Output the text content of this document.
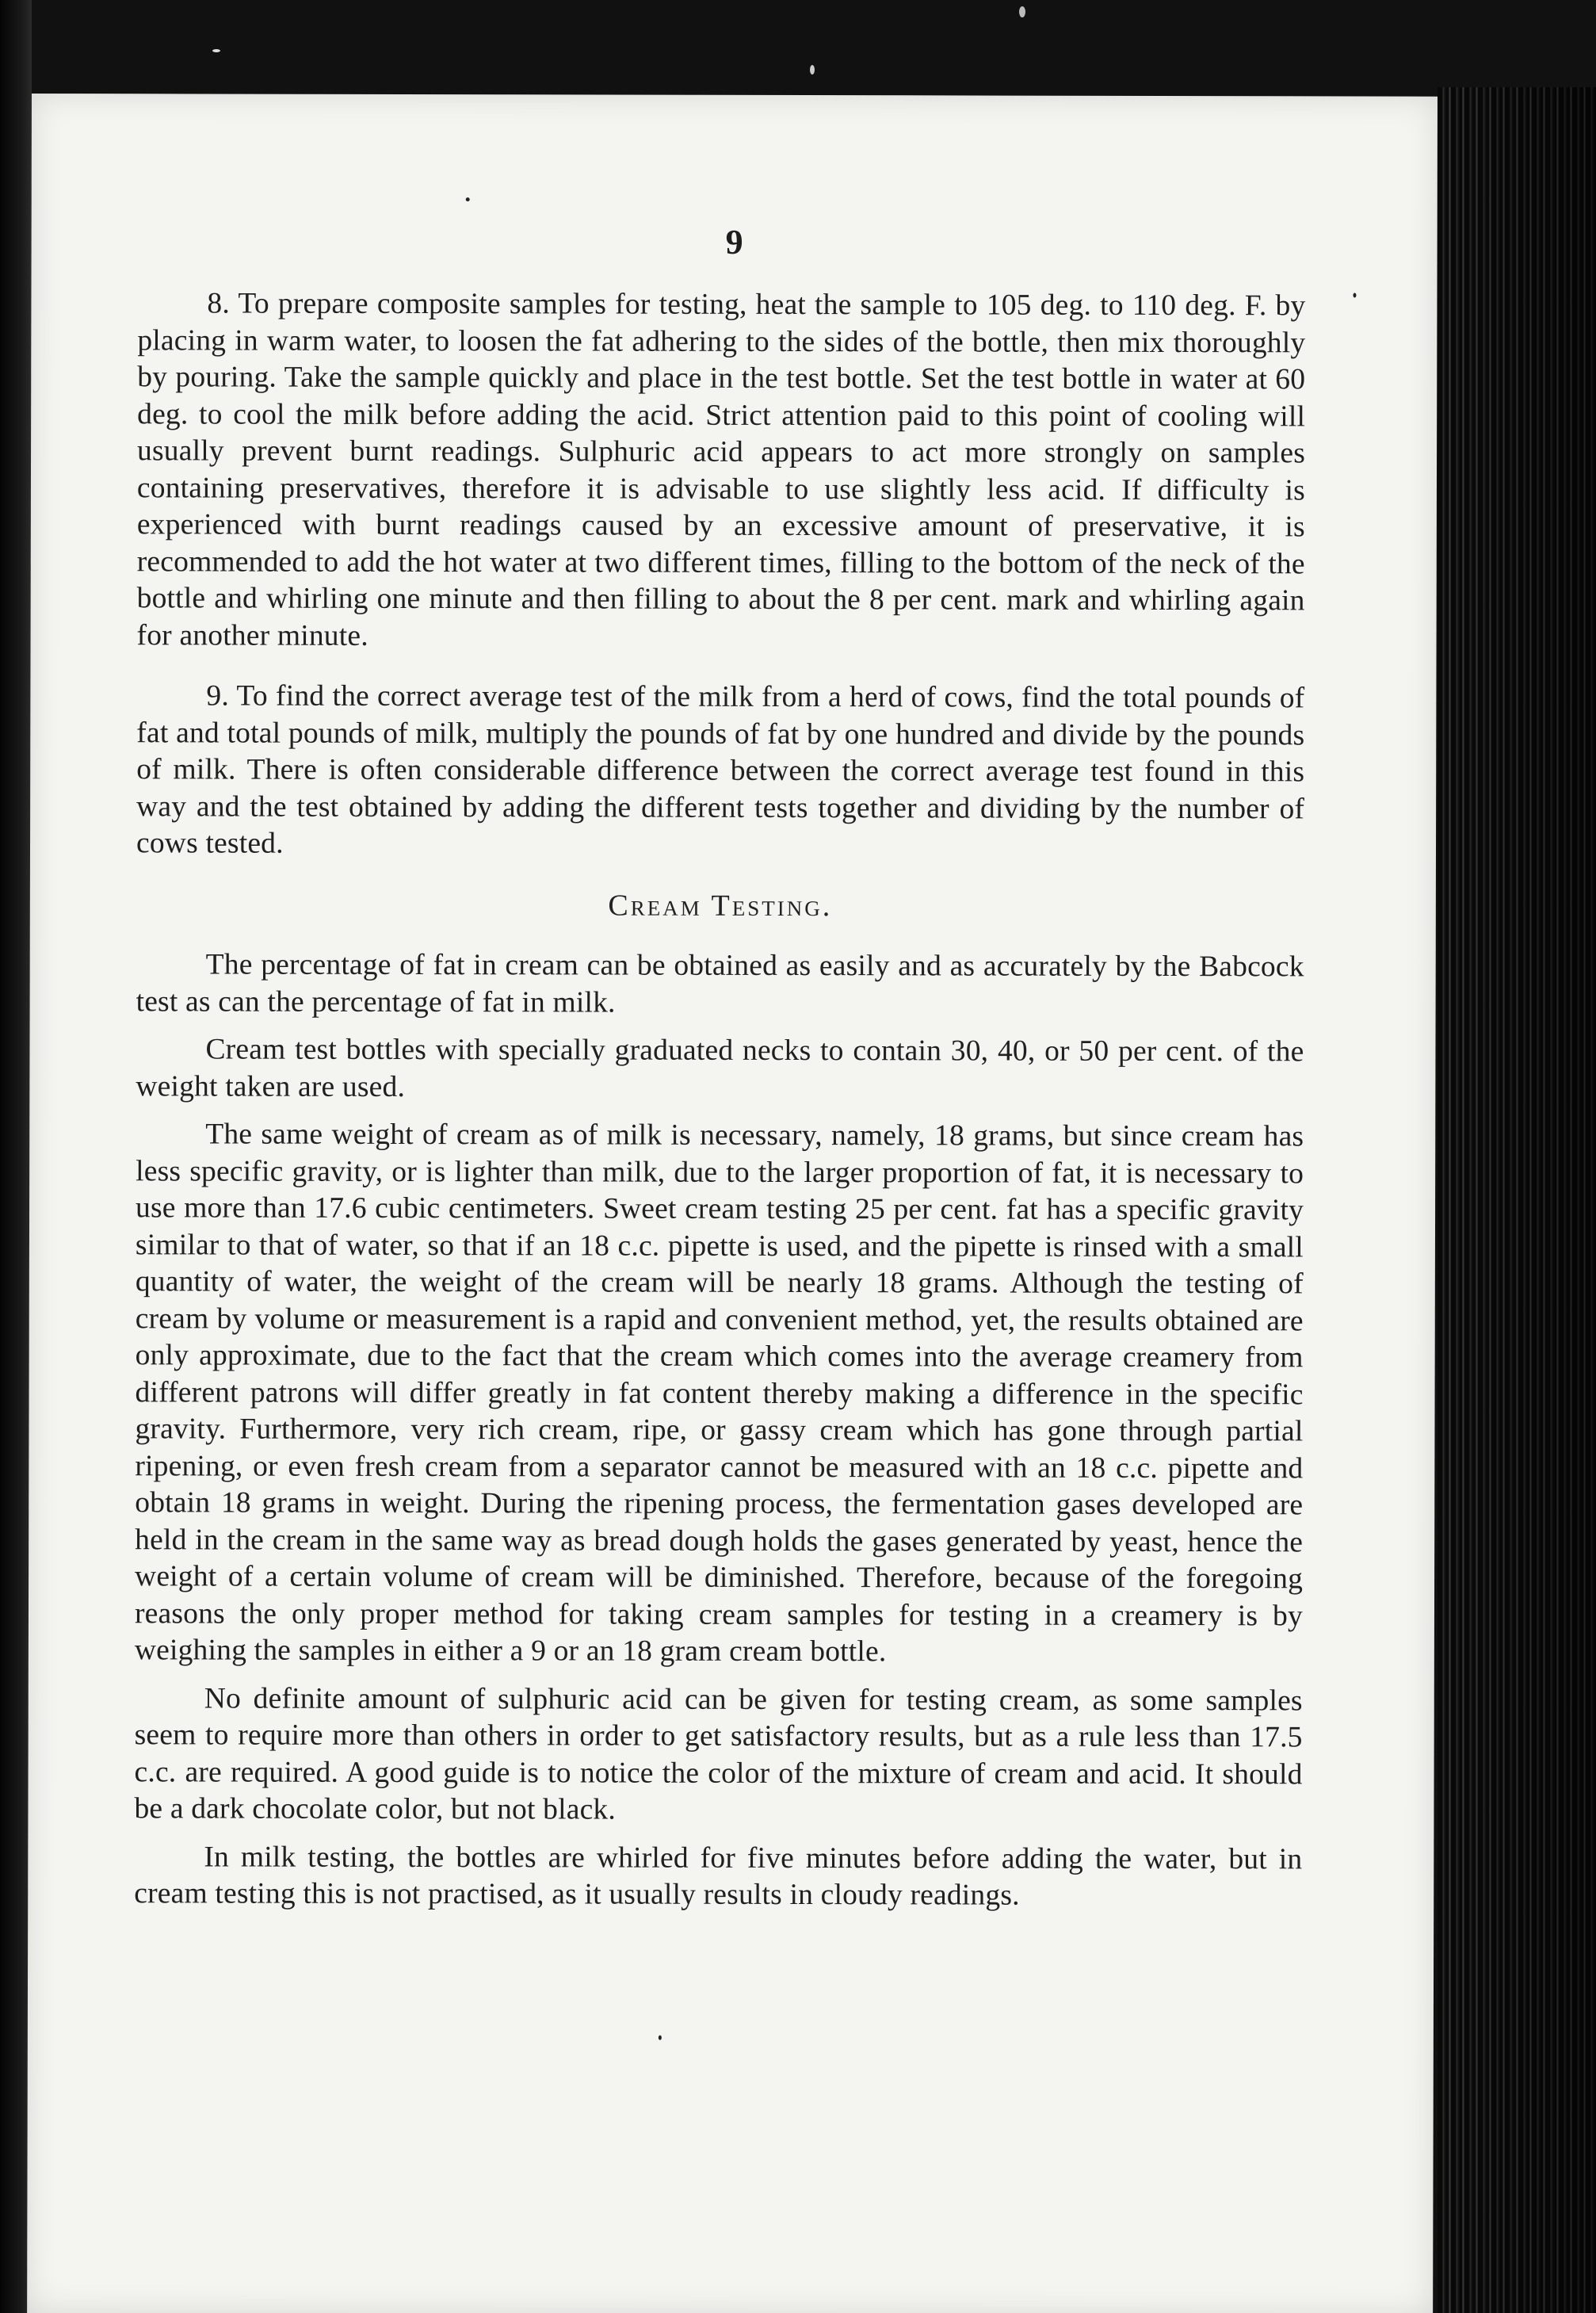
9

8. To prepare composite samples for testing, heat the sample to 105 deg. to 110 deg. F. by placing in warm water, to loosen the fat adhering to the sides of the bottle, then mix thoroughly by pouring. Take the sample quickly and place in the test bottle. Set the test bottle in water at 60 deg. to cool the milk before adding the acid. Strict attention paid to this point of cooling will usually prevent burnt readings. Sulphuric acid appears to act more strongly on samples containing preservatives, therefore it is advisable to use slightly less acid. If difficulty is experienced with burnt readings caused by an excessive amount of preservative, it is recommended to add the hot water at two different times, filling to the bottom of the neck of the bottle and whirling one minute and then filling to about the 8 per cent. mark and whirling again for another minute.

9. To find the correct average test of the milk from a herd of cows, find the total pounds of fat and total pounds of milk, multiply the pounds of fat by one hundred and divide by the pounds of milk. There is often considerable difference between the correct average test found in this way and the test obtained by adding the different tests together and dividing by the number of cows tested.

Cream Testing.

The percentage of fat in cream can be obtained as easily and as accurately by the Babcock test as can the percentage of fat in milk.

Cream test bottles with specially graduated necks to contain 30, 40, or 50 per cent. of the weight taken are used.

The same weight of cream as of milk is necessary, namely, 18 grams, but since cream has less specific gravity, or is lighter than milk, due to the larger proportion of fat, it is necessary to use more than 17.6 cubic centimeters. Sweet cream testing 25 per cent. fat has a specific gravity similar to that of water, so that if an 18 c.c. pipette is used, and the pipette is rinsed with a small quantity of water, the weight of the cream will be nearly 18 grams. Although the testing of cream by volume or measurement is a rapid and convenient method, yet, the results obtained are only approximate, due to the fact that the cream which comes into the average creamery from different patrons will differ greatly in fat content thereby making a difference in the specific gravity. Furthermore, very rich cream, ripe, or gassy cream which has gone through partial ripening, or even fresh cream from a separator cannot be measured with an 18 c.c. pipette and obtain 18 grams in weight. During the ripening process, the fermentation gases developed are held in the cream in the same way as bread dough holds the gases generated by yeast, hence the weight of a certain volume of cream will be diminished. Therefore, because of the foregoing reasons the only proper method for taking cream samples for testing in a creamery is by weighing the samples in either a 9 or an 18 gram cream bottle.

No definite amount of sulphuric acid can be given for testing cream, as some samples seem to require more than others in order to get satisfactory results, but as a rule less than 17.5 c.c. are required. A good guide is to notice the color of the mixture of cream and acid. It should be a dark chocolate color, but not black.

In milk testing, the bottles are whirled for five minutes before adding the water, but in cream testing this is not practised, as it usually results in cloudy readings.
